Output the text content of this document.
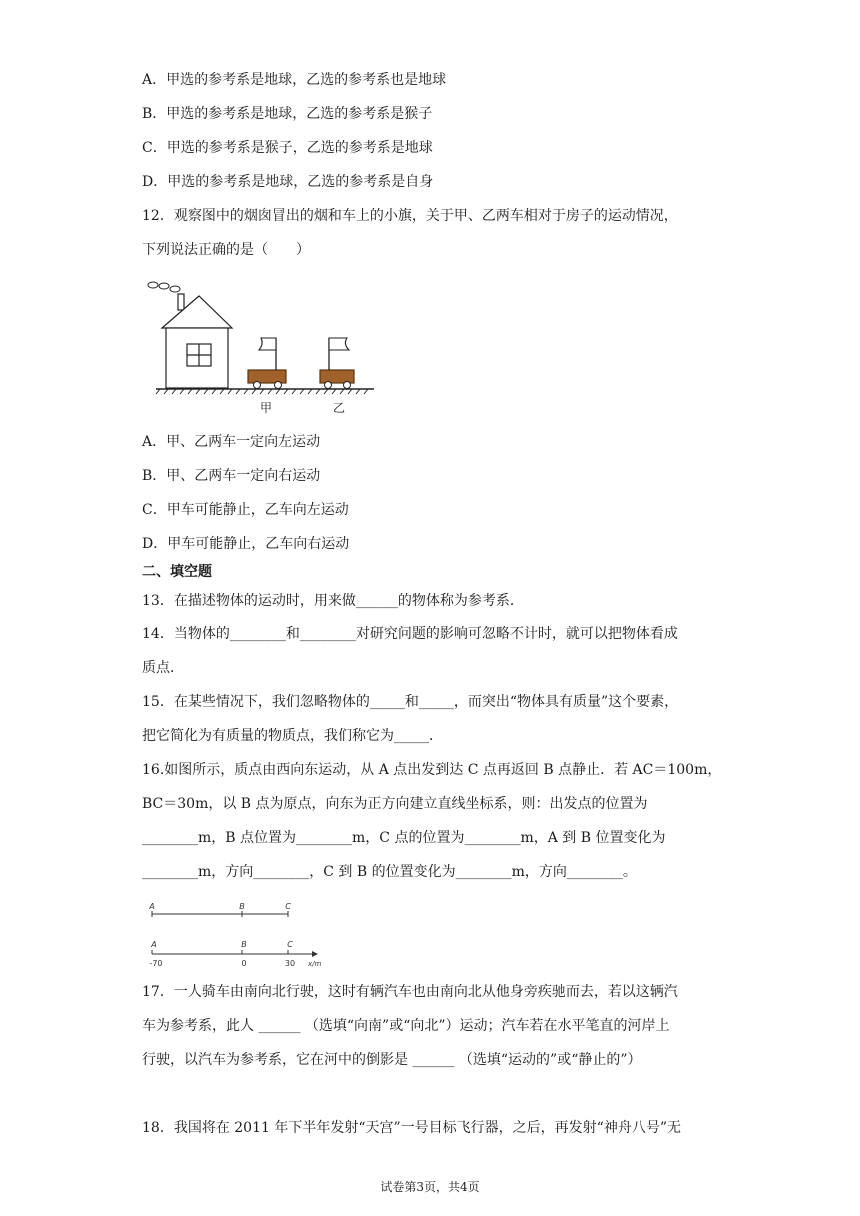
A．甲选的参考系是地球，乙选的参考系也是地球
B．甲选的参考系是地球，乙选的参考系是猴子
C．甲选的参考系是猴子，乙选的参考系是地球
D．甲选的参考系是地球，乙选的参考系是自身
12．观察图中的烟囱冒出的烟和车上的小旗，关于甲、乙两车相对于房子的运动情况，
下列说法正确的是（　　）
甲	乙
A．甲、乙两车一定向左运动
B．甲、乙两车一定向右运动
C．甲车可能静止，乙车向左运动
D．甲车可能静止，乙车向右运动
二、填空题
13．在描述物体的运动时，用来做______的物体称为参考系．
14．当物体的________和________对研究问题的影响可忽略不计时，就可以把物体看成
质点．
15．在某些情况下，我们忽略物体的_____和_____，而突出“物体具有质量”这个要素，
把它简化为有质量的物质点，我们称它为_____．
16.如图所示，质点由西向东运动，从 A 点出发到达 C 点再返回 B 点静止．若 AC＝100m，
BC＝30m，以 B 点为原点，向东为正方向建立直线坐标系，则：出发点的位置为
________m，B 点位置为________m，C 点的位置为________m，A 到 B 位置变化为
________m，方向________，C 到 B 的位置变化为________m，方向________。
A	B	C
A	B	C
-70	0	30 x/m
17．一人骑车由南向北行驶，这时有辆汽车也由南向北从他身旁疾驰而去，若以这辆汽
车为参考系，此人 ______ （选填“向南”或“向北”）运动；汽车若在水平笔直的河岸上
行驶，以汽车为参考系，它在河中的倒影是 ______ （选填“运动的”或“静止的”）
18．我国将在 2011 年下半年发射“天宫”一号目标飞行器，之后，再发射“神舟八号”无
试卷第3页，共4页
